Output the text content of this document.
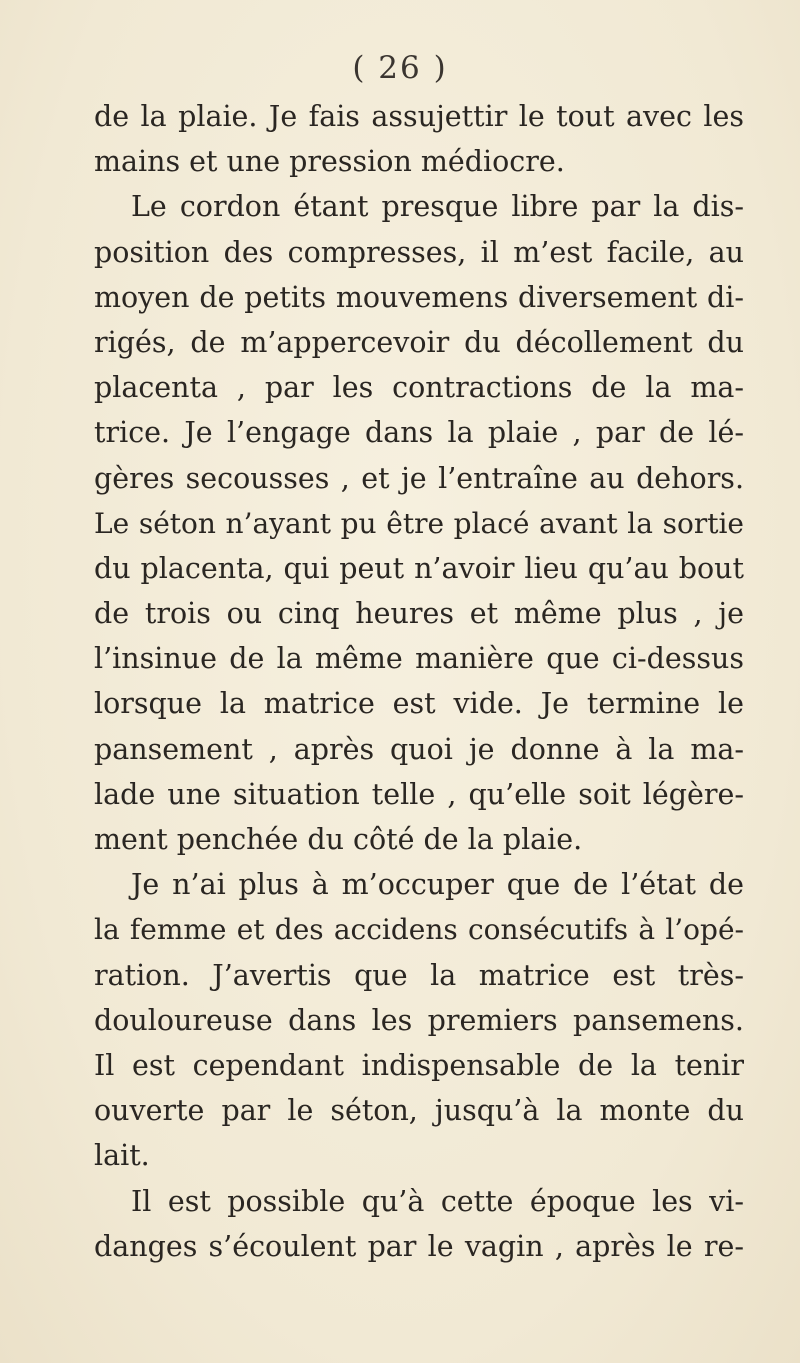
( 26 )
de la plaie. Je fais assujettir le tout avec les
mains et une pression médiocre.
Le cordon étant presque libre par la dis-
position des compresses, il m’est facile, au
moyen de petits mouvemens diversement di-
rigés, de m’appercevoir du décollement du
placenta , par les contractions de la ma-
trice. Je l’engage dans la plaie , par de lé-
gères secousses , et je l’entraîne au dehors.
Le séton n’ayant pu être placé avant la sortie
du placenta, qui peut n’avoir lieu qu’au bout
de trois ou cinq heures et même plus , je
l’insinue de la même manière que ci-dessus
lorsque la matrice est vide. Je termine le
pansement , après quoi je donne à la ma-
lade une situation telle , qu’elle soit légère-
ment penchée du côté de la plaie.
Je n’ai plus à m’occuper que de l’état de
la femme et des accidens consécutifs à l’opé-
ration. J’avertis que la matrice est très-
douloureuse dans les premiers pansemens.
Il est cependant indispensable de la tenir
ouverte par le séton, jusqu’à la monte du
lait.
Il est possible qu’à cette époque les vi-
danges s’écoulent par le vagin , après le re-
